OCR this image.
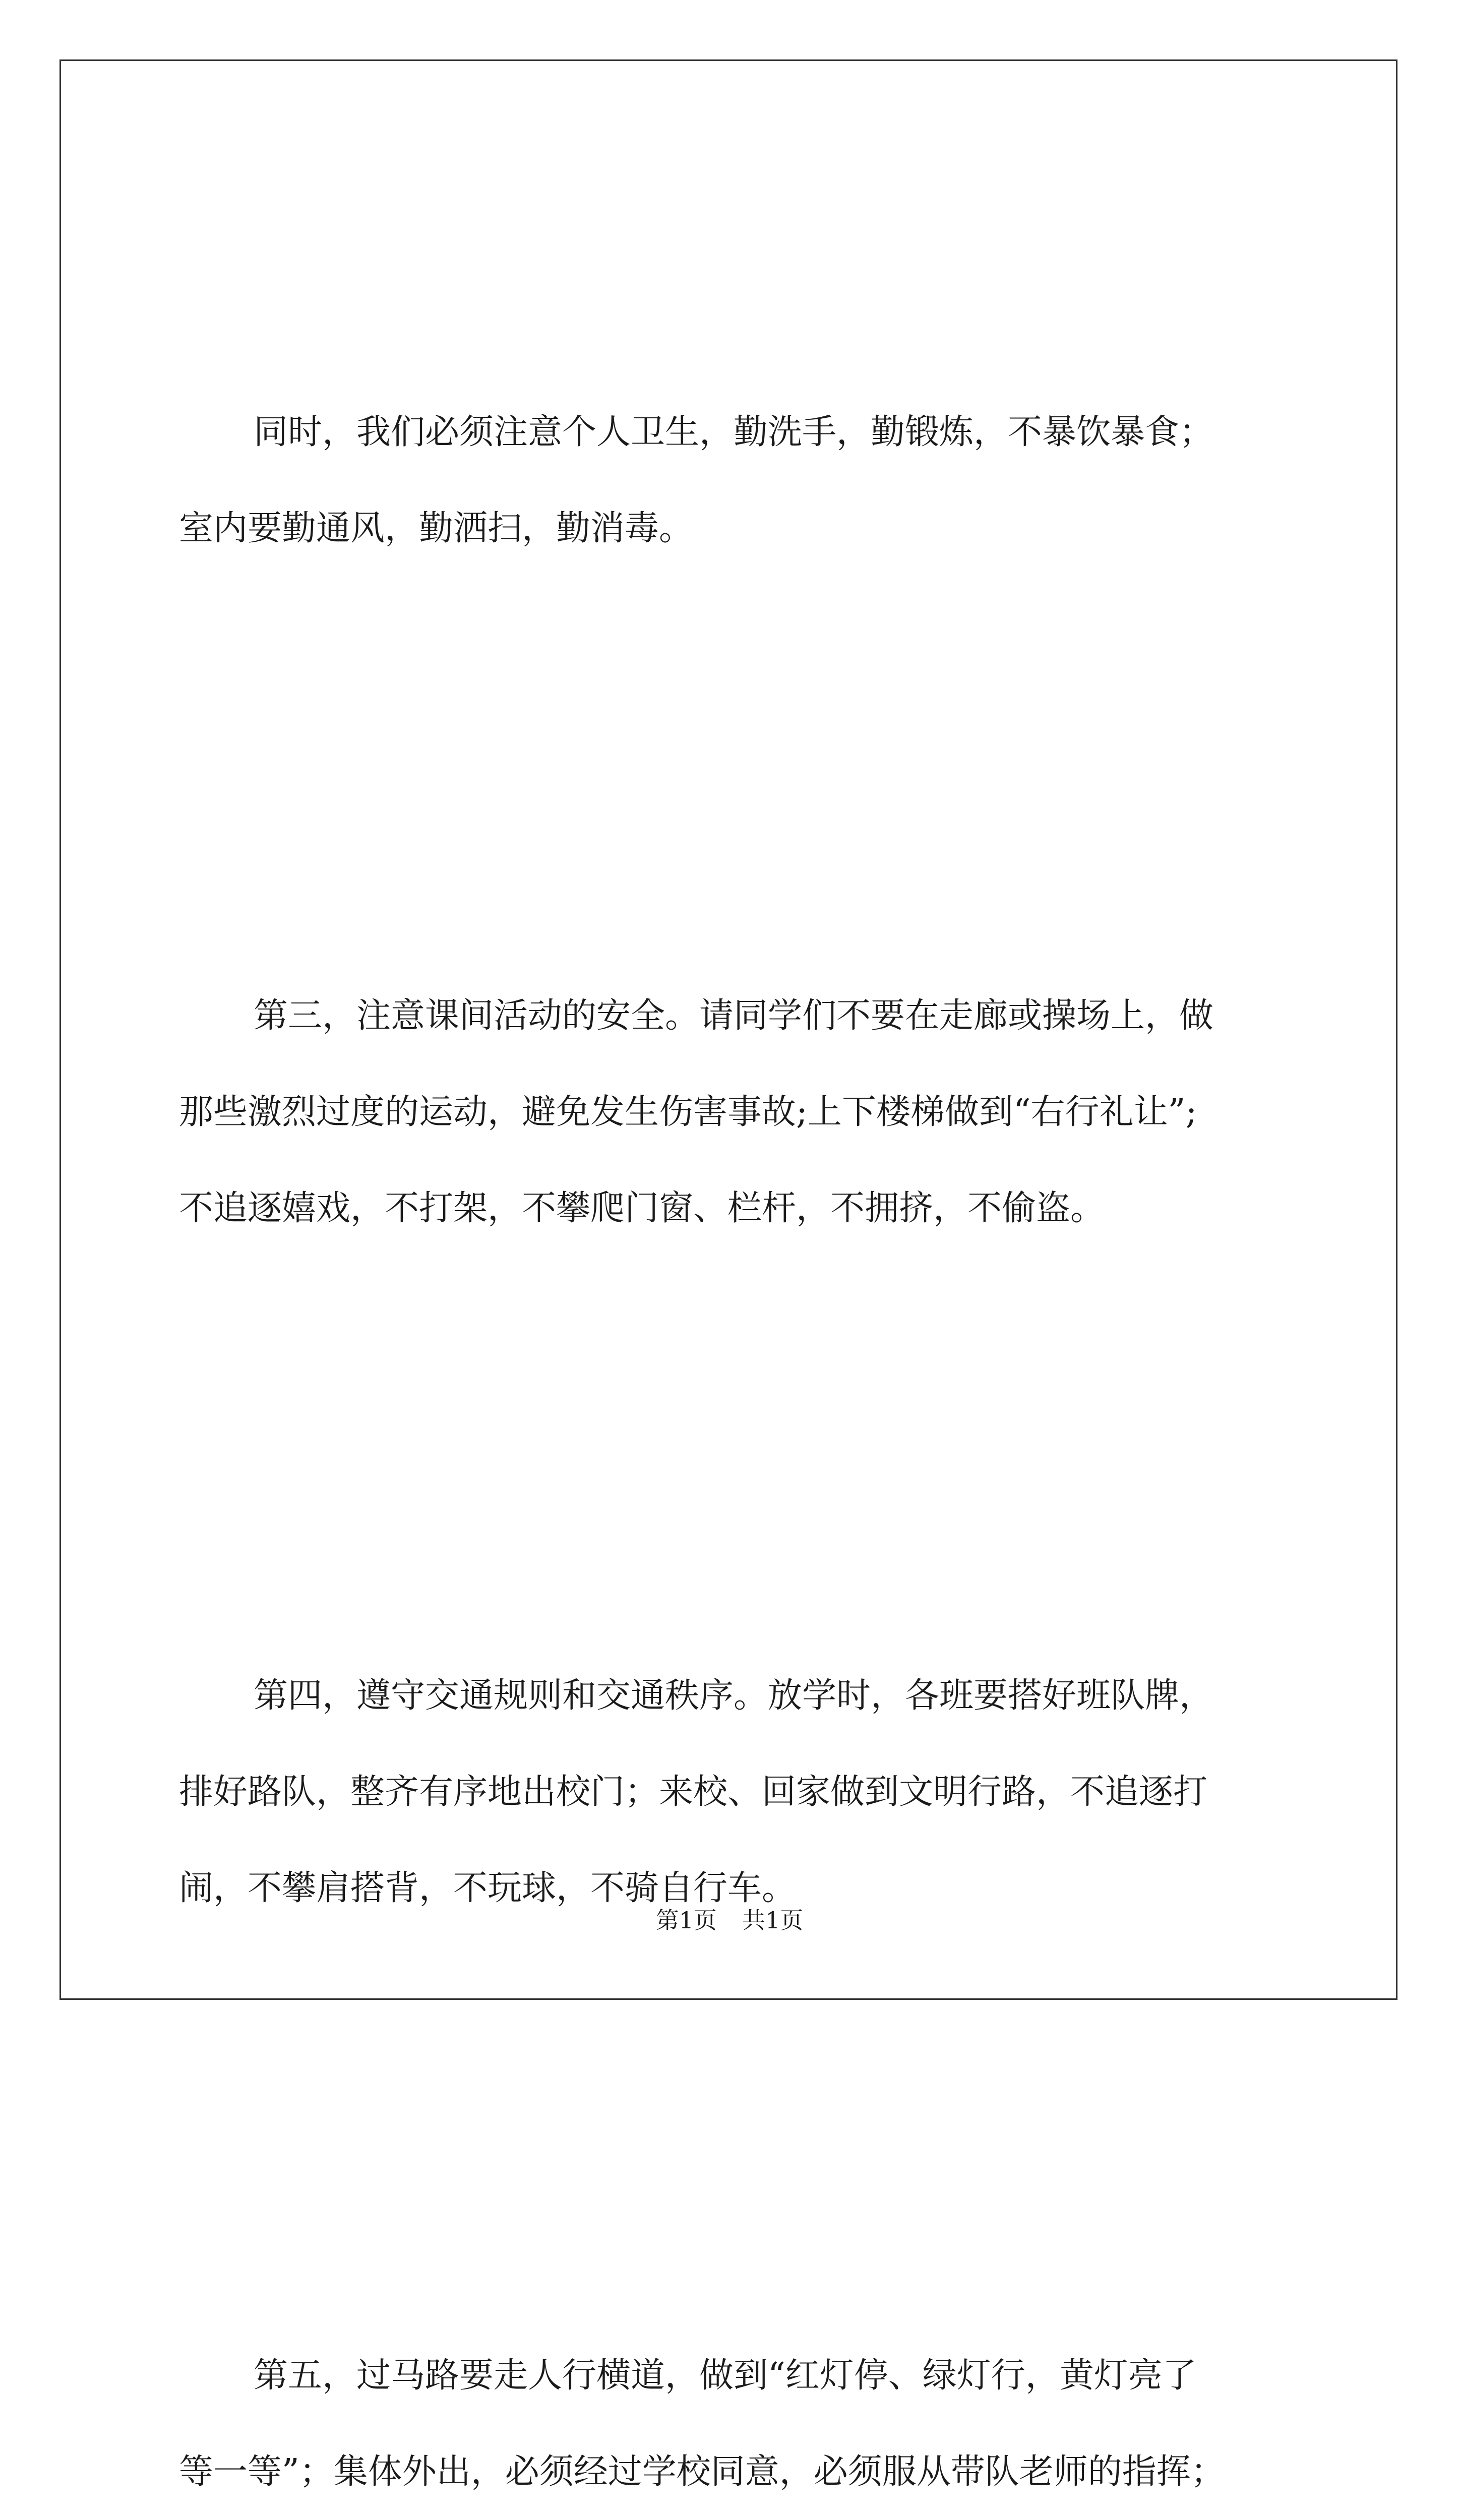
同时，我们必须注意个人卫生，勤洗手，勤锻炼，不暴饮暴食；
室内要勤通风，勤洒扫，勤消毒。

第三，注意课间活动的安全。请同学们不要在走廊或操场上，做
那些激烈过度的运动，避免发生伤害事故;上下楼梯做到“右行礼让”;
不追逐嬉戏，不打架，不攀爬门窗、栏杆，不拥挤，不偷盗。

第四，遵守交通规则和交通秩序。放学时，各班要搭好班队牌，
排好路队，整齐有序地出校门；来校、回家做到文明行路，不追逐打
闹，不攀肩搭背，不玩球，不骑自行车。

第五，过马路要走人行横道，做到“红灯停、绿灯行，黄灯亮了
等一等”；集体外出，必须经过学校同意，必须服从带队老师的指挥；

第1页 共1页
